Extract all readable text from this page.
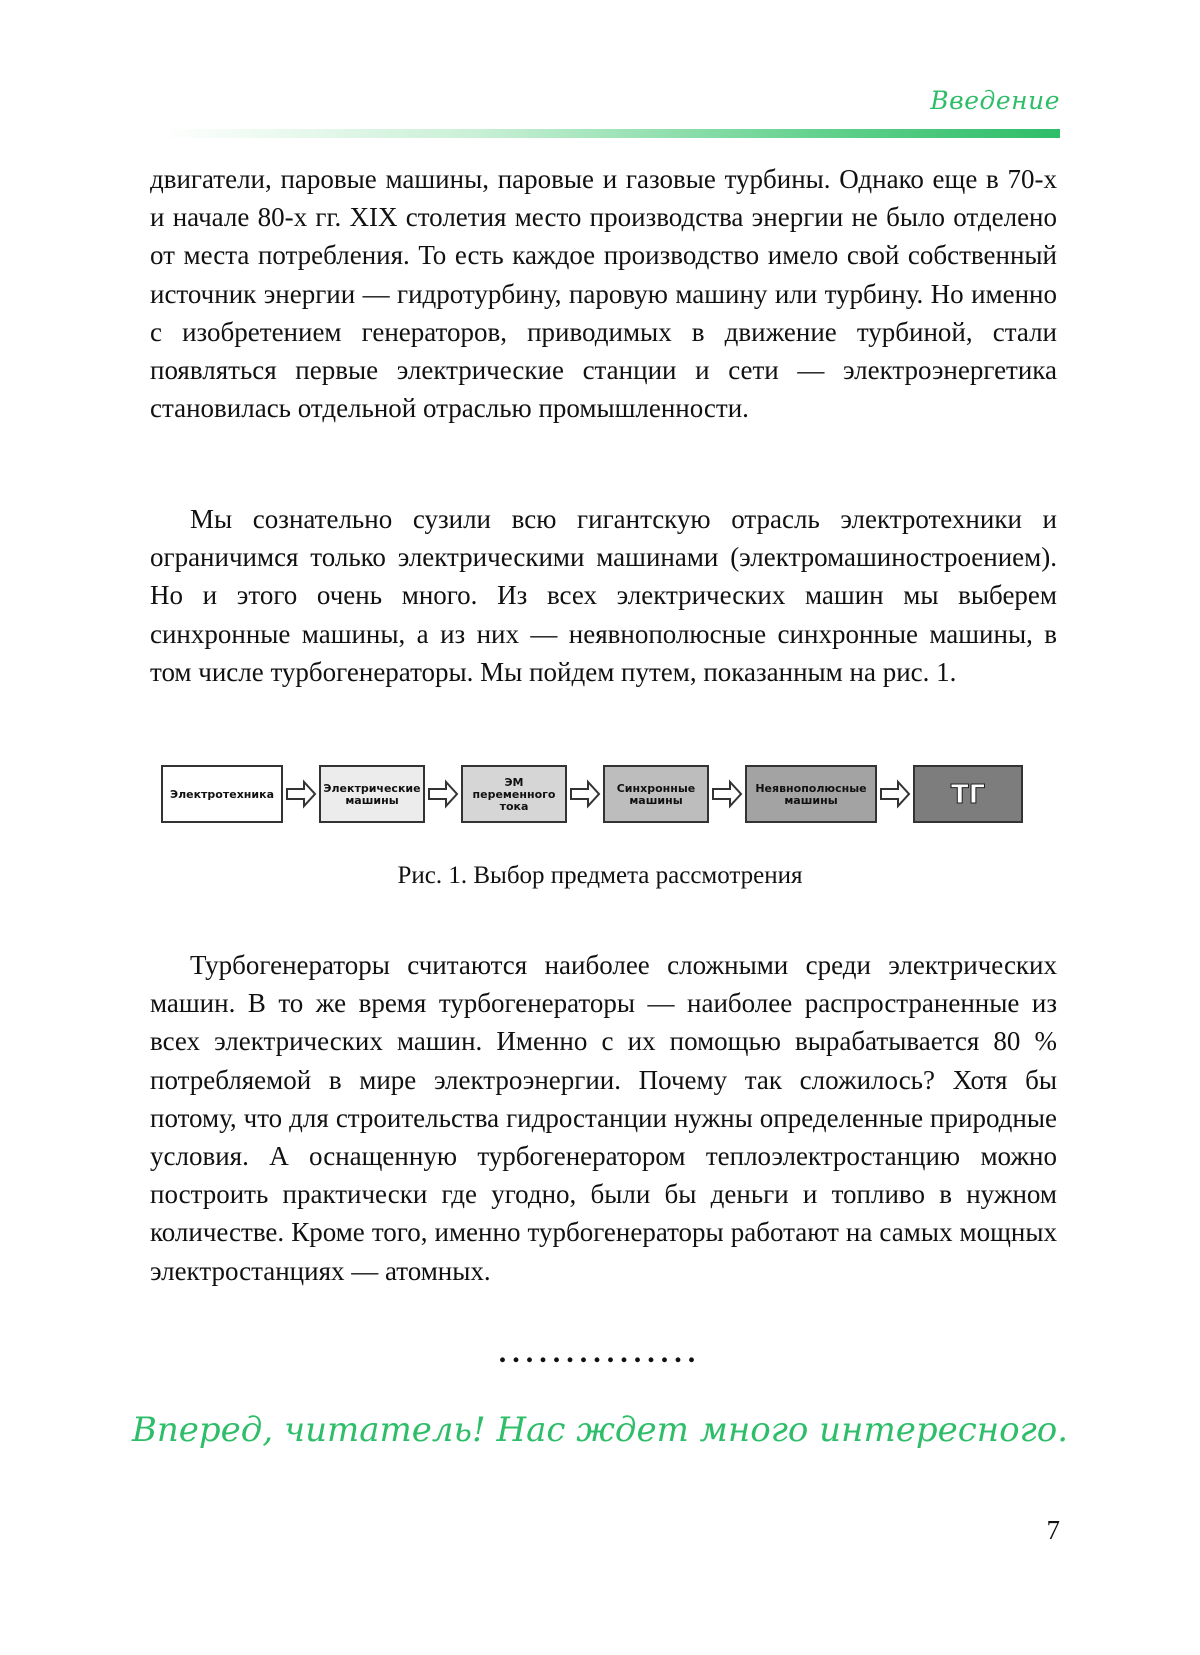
Введение

двигатели, паровые машины, паровые и газовые турбины. Однако еще в 70-х и начале 80-х гг. XIX столетия место производства энергии не было отделено от места потребления. То есть каждое производство имело свой собственный источник энергии — гидротурбину, паровую машину или турбину. Но именно с изобретением генераторов, приводимых в движение турбиной, стали появляться первые электрические станции и сети — электроэнергетика становилась отдельной отраслью промышленности.

Мы сознательно сузили всю гигантскую отрасль электротехники и ограничимся только электрическими машинами (электромашиностроением). Но и этого очень много. Из всех электрических машин мы выберем синхронные машины, а из них — неявнополюсные синхронные машины, в том числе турбогенераторы. Мы пойдем путем, показанным на рис. 1.

Электротехника	Электрические
машины
ЭМ
переменного
тока
Синхронные
машины
Неявнополюсные
машины	ТГ
Рис. 1. Выбор предмета рассмотрения

Турбогенераторы считаются наиболее сложными среди электрических машин. В то же время турбогенераторы — наиболее распространенные из всех электрических машин. Именно с их помощью вырабатывается 80 % потребляемой в мире электроэнергии. Почему так сложилось? Хотя бы потому, что для строительства гидростанции нужны определенные природные условия. А оснащенную турбогенератором теплоэлектростанцию можно построить практически где угодно, были бы деньги и топливо в нужном количестве. Кроме того, именно турбогенераторы работают на самых мощных электростанциях — атомных.

...............
Вперед, читатель! Нас ждет много интересного.
7
